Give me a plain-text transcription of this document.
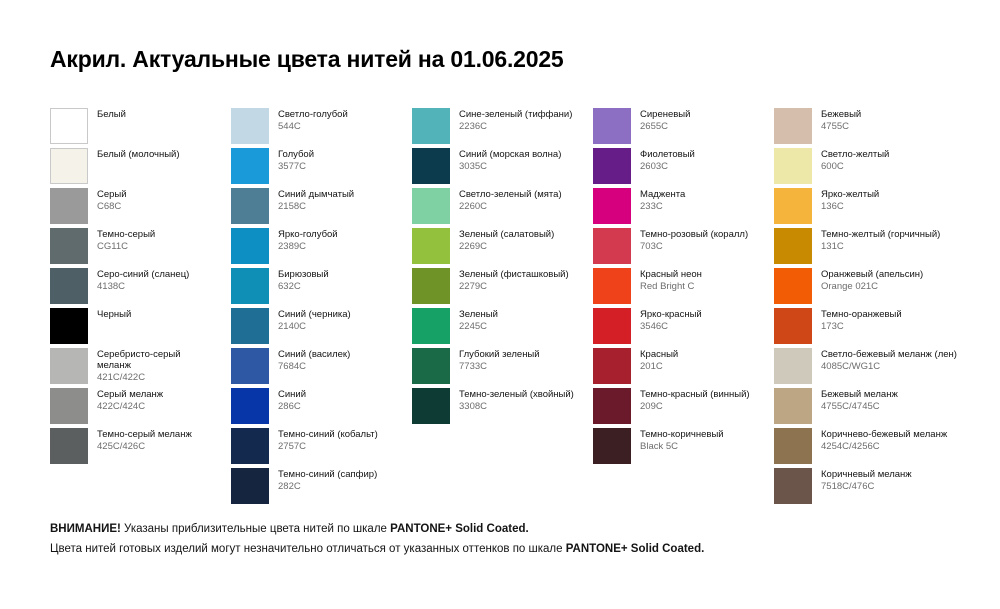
Акрил. Актуальные цвета нитей на 01.06.2025
Белый
Белый (молочный)
Серый
C68C
Темно-серый
CG11C
Серо-синий (сланец)
4138C
Черный
Серебристо-серый меланж
421C/422C
Серый меланж
422C/424C
Темно-серый меланж
425C/426C
Светло-голубой
544C
Голубой
3577C
Синий дымчатый
2158C
Ярко-голубой
2389C
Бирюзовый
632C
Синий (черника)
2140C
Синий (василек)
7684C
Синий
286C
Темно-синий (кобальт)
2757C
Темно-синий (сапфир)
282C
Сине-зеленый (тиффани)
2236C
Синий (морская волна)
3035C
Светло-зеленый (мята)
2260C
Зеленый (салатовый)
2269C
Зеленый (фисташковый)
2279C
Зеленый
2245C
Глубокий зеленый
7733C
Темно-зеленый (хвойный)
3308C
Сиреневый
2655C
Фиолетовый
2603C
Маджента
233C
Темно-розовый (коралл)
703C
Красный неон
Red Bright C
Ярко-красный
3546C
Красный
201C
Темно-красный (винный)
209C
Темно-коричневый
Black 5C
Бежевый
4755C
Светло-желтый
600C
Ярко-желтый
136C
Темно-желтый (горчичный)
131C
Оранжевый (апельсин)
Orange 021C
Темно-оранжевый
173C
Светло-бежевый меланж (лен)
4085C/WG1C
Бежевый меланж
4755C/4745C
Коричнево-бежевый меланж
4254C/4256C
Коричневый меланж
7518C/476C
ВНИМАНИЕ! Указаны приблизительные цвета нитей по шкале PANTONE+ Solid Coated.
Цвета нитей готовых изделий могут незначительно отличаться от указанных оттенков по шкале PANTONE+ Solid Coated.
